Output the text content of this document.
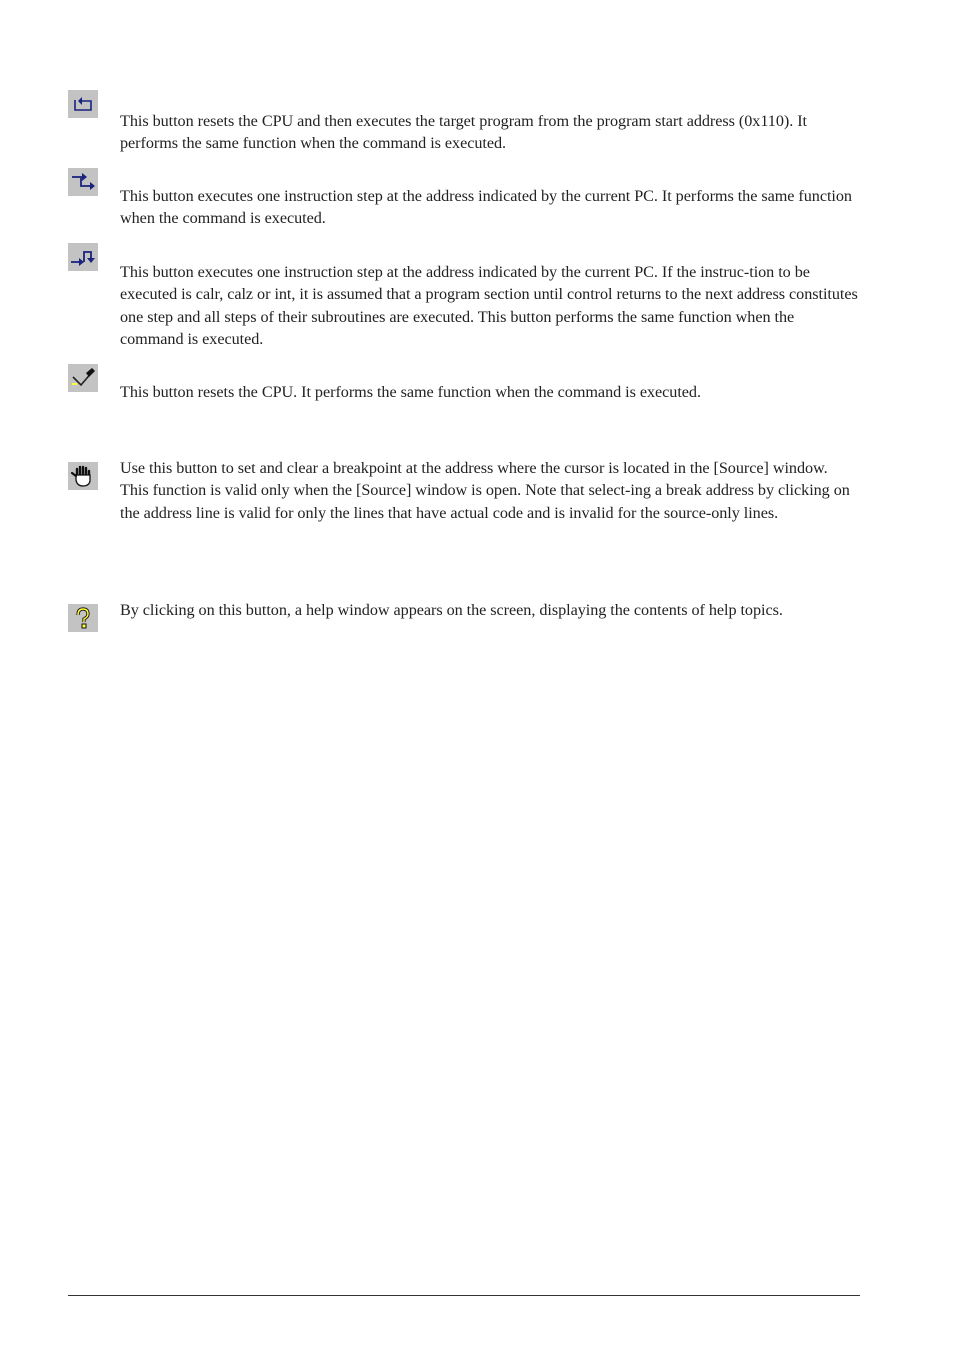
This button resets the CPU and then executes the target program from the program start address (0x110). It performs the same function when the command is executed.
This button executes one instruction step at the address indicated by the current PC. It performs the same function when the command is executed.
This button executes one instruction step at the address indicated by the current PC. If the instruc-tion to be executed is calr, calz or int, it is assumed that a program section until control returns to the next address constitutes one step and all steps of their subroutines are executed. This button performs the same function when the command is executed.
This button resets the CPU. It performs the same function when the command is executed.
Use this button to set and clear a breakpoint at the address where the cursor is located in the [Source] window. This function is valid only when the [Source] window is open. Note that select-ing a break address by clicking on the address line is valid for only the lines that have actual code and is invalid for the source-only lines.
By clicking on this button, a help window appears on the screen, displaying the contents of help topics.
